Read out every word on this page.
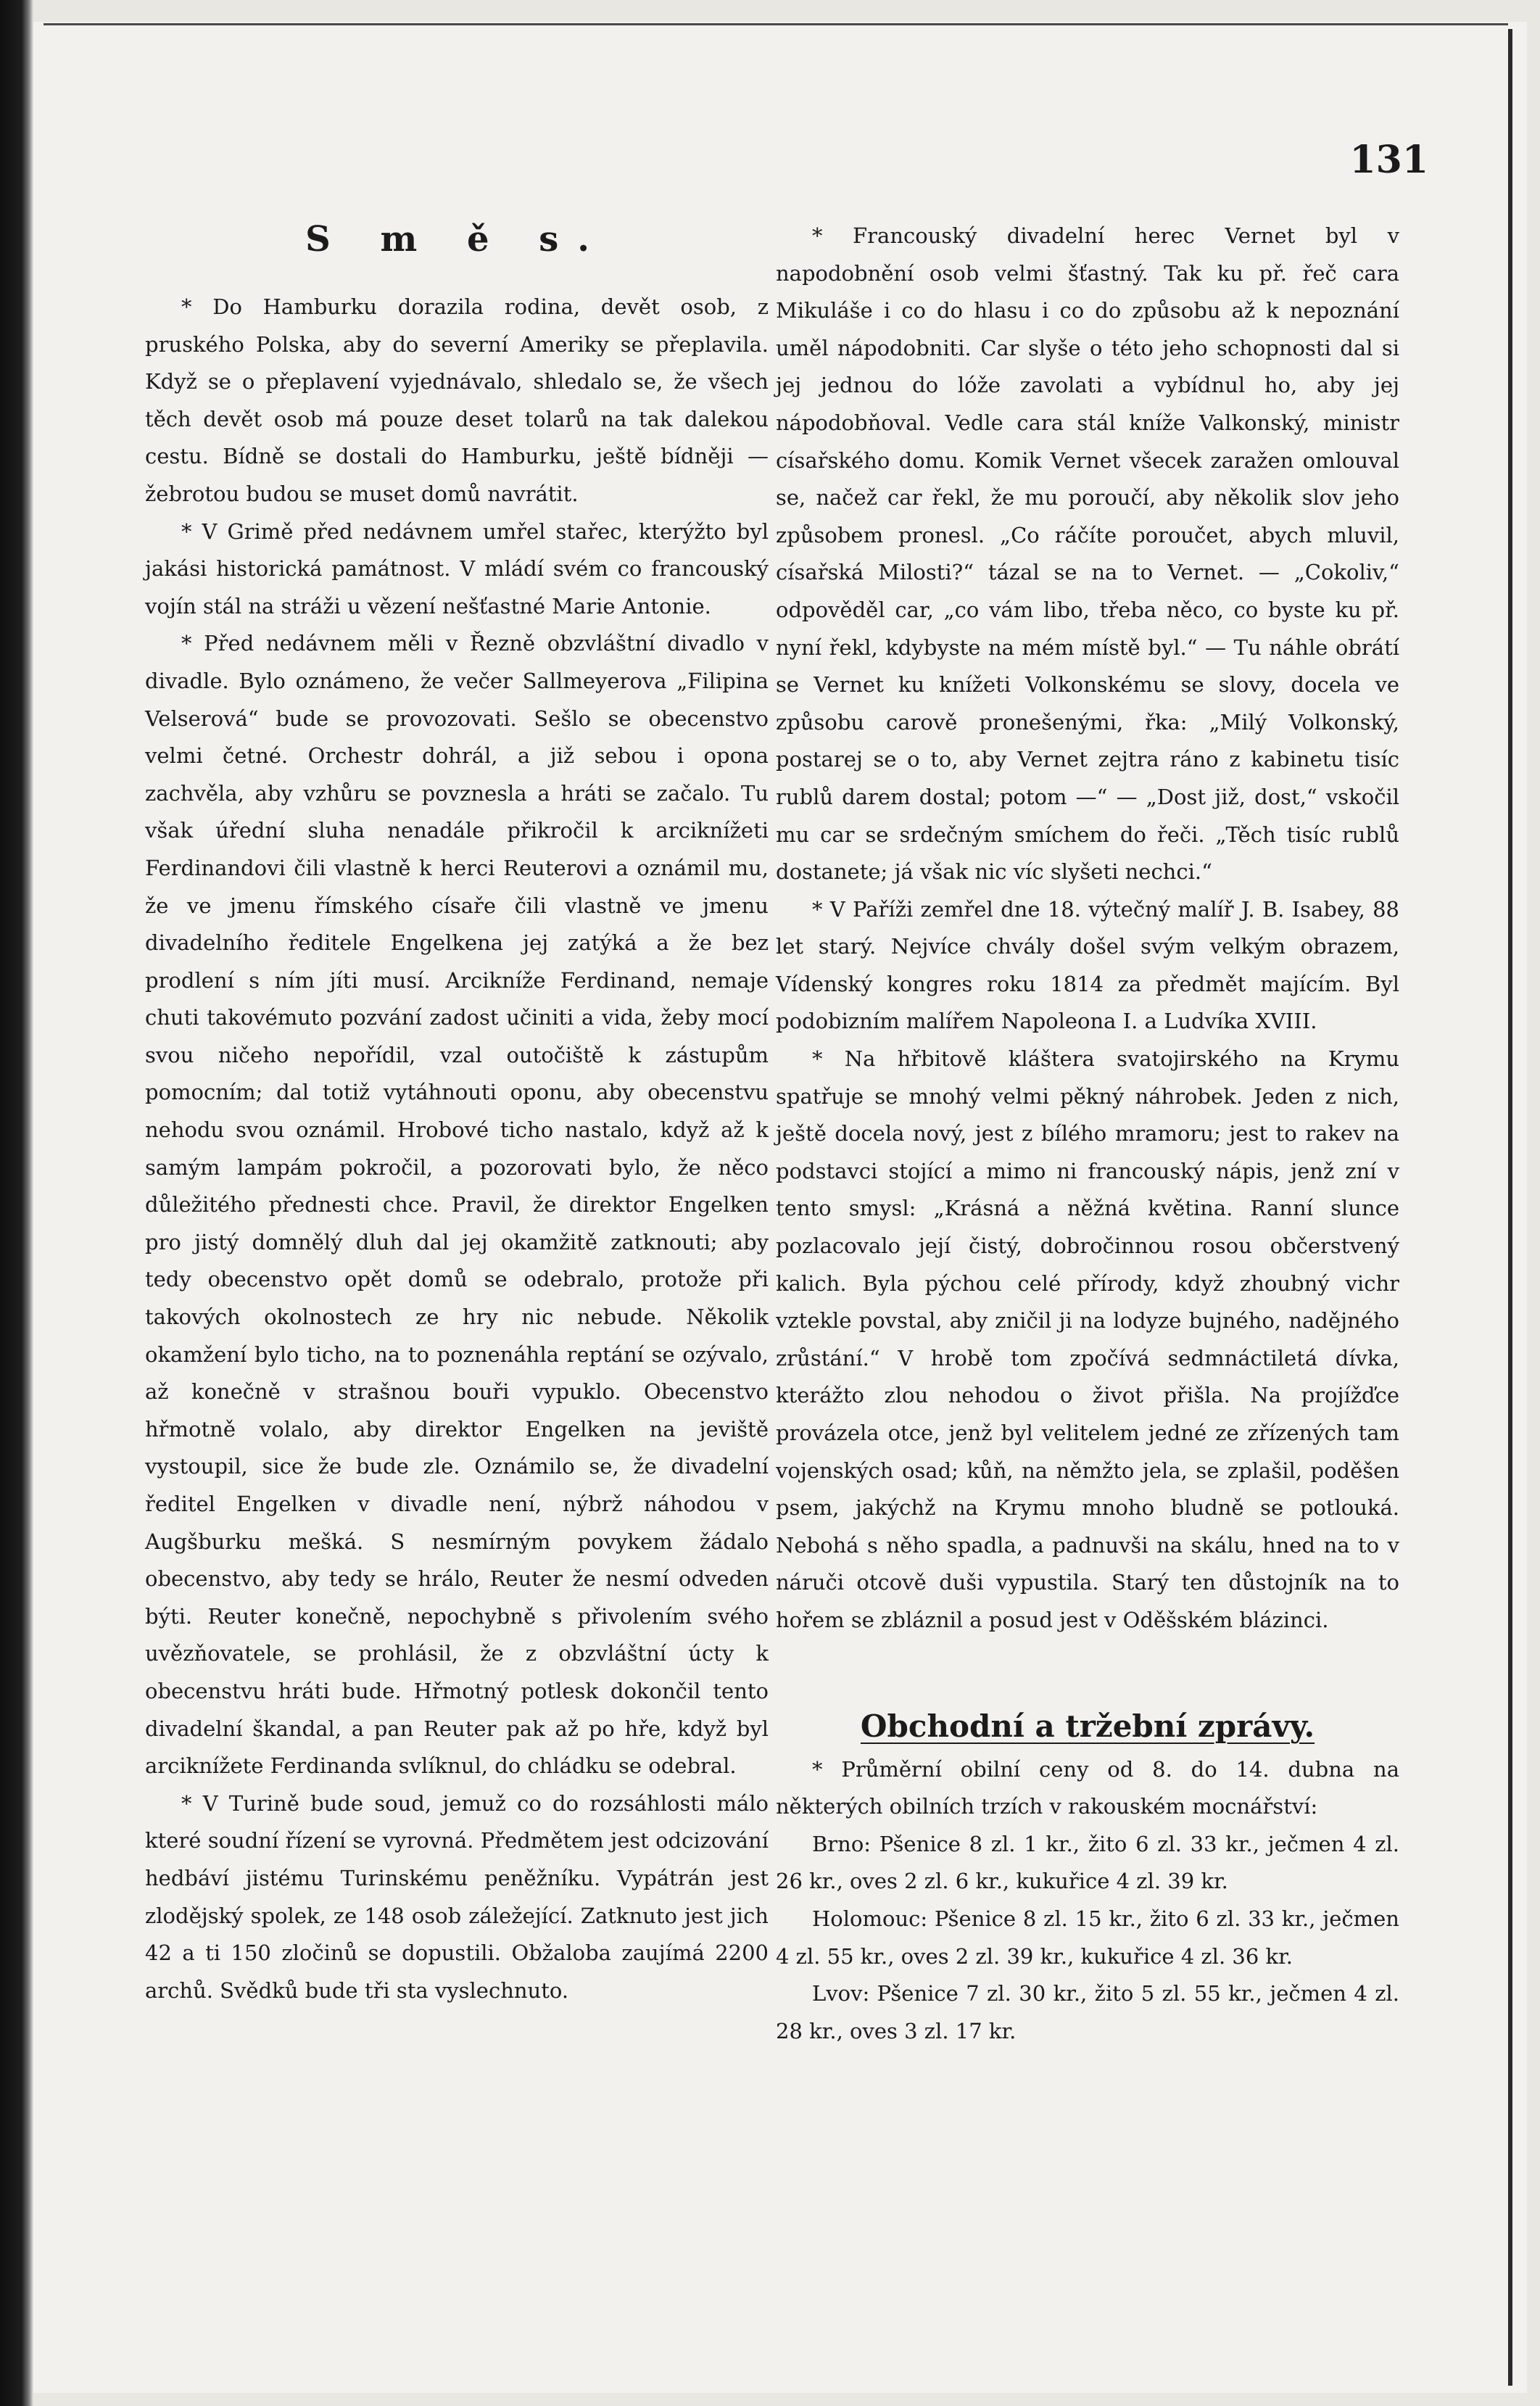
131
S m ě s.

* Do Hamburku dorazila rodina, devět osob, z pruského Polska, aby do severní Ameriky se přeplavila. Když se o přeplavení vyjednávalo, shledalo se, že všech těch devět osob má pouze deset tolarů na tak dalekou cestu. Bídně se dostali do Hamburku, ještě bídněji — žebrotou budou se muset domů navrátit.

* V Grimě před nedávnem umřel stařec, kterýžto byl jakási historická památnost. V mládí svém co francouský vojín stál na stráži u vězení nešťastné Marie Antonie.

* Před nedávnem měli v Řezně obzvláštní divadlo v divadle. Bylo oznámeno, že večer Sallmeyerova „Filipina Velserová“ bude se provozovati. Sešlo se obecenstvo velmi četné. Orchestr dohrál, a již sebou i opona zachvěla, aby vzhůru se povznesla a hráti se začalo. Tu však úřední sluha nenadále přikročil k arciknížeti Ferdinandovi čili vlastně k herci Reuterovi a oznámil mu, že ve jmenu římského císaře čili vlastně ve jmenu divadelního ředitele Engelkena jej zatýká a že bez prodlení s ním jíti musí. Arcikníže Ferdinand, nemaje chuti takovémuto pozvání zadost učiniti a vida, žeby mocí svou ničeho nepořídil, vzal outočiště k zástupům pomocním; dal totiž vytáhnouti oponu, aby obecenstvu nehodu svou oznámil. Hrobové ticho nastalo, když až k samým lampám pokročil, a pozorovati bylo, že něco důležitého přednesti chce. Pravil, že direktor Engelken pro jistý domnělý dluh dal jej okamžitě zatknouti; aby tedy obecenstvo opět domů se odebralo, protože při takových okolnostech ze hry nic nebude. Několik okamžení bylo ticho, na to poznenáhla reptání se ozývalo, až konečně v strašnou bouři vypuklo. Obecenstvo hřmotně volalo, aby direktor Engelken na jeviště vystoupil, sice že bude zle. Oznámilo se, že divadelní ředitel Engelken v divadle není, nýbrž náhodou v Augšburku mešká. S nesmírným povykem žádalo obecenstvo, aby tedy se hrálo, Reuter že nesmí odveden býti. Reuter konečně, nepochybně s přivolením svého uvězňovatele, se prohlásil, že z obzvláštní úcty k obecenstvu hráti bude. Hřmotný potlesk dokončil tento divadelní škandal, a pan Reuter pak až po hře, když byl arciknížete Ferdinanda svlíknul, do chládku se odebral.

* V Turině bude soud, jemuž co do rozsáhlosti málo které soudní řízení se vyrovná. Předmětem jest odcizování hedbáví jistému Turinskému peněžníku. Vypátrán jest zlodějský spolek, ze 148 osob záležející. Zatknuto jest jich 42 a ti 150 zločinů se dopustili. Obžaloba zaujímá 2200 archů. Svědků bude tři sta vyslechnuto.

* Francouský divadelní herec Vernet byl v napodobnění osob velmi šťastný. Tak ku př. řeč cara Mikuláše i co do hlasu i co do způsobu až k nepoznání uměl nápodobniti. Car slyše o této jeho schopnosti dal si jej jednou do lóže zavolati a vybídnul ho, aby jej nápodobňoval. Vedle cara stál kníže Valkonský, ministr císařského domu. Komik Vernet všecek zaražen omlouval se, načež car řekl, že mu poroučí, aby několik slov jeho způsobem pronesl. „Co ráčíte poroučet, abych mluvil, císařská Milosti?“ tázal se na to Vernet. — „Cokoliv,“ odpověděl car, „co vám libo, třeba něco, co byste ku př. nyní řekl, kdybyste na mém místě byl.“ — Tu náhle obrátí se Vernet ku knížeti Volkonskému se slovy, docela ve způsobu carově pronešenými, řka: „Milý Volkonský, postarej se o to, aby Vernet zejtra ráno z kabinetu tisíc rublů darem dostal; potom —“ — „Dost již, dost,“ vskočil mu car se srdečným smíchem do řeči. „Těch tisíc rublů dostanete; já však nic víc slyšeti nechci.“

* V Paříži zemřel dne 18. výtečný malíř J. B. Isabey, 88 let starý. Nejvíce chvály došel svým velkým obrazem, Vídenský kongres roku 1814 za předmět majícím. Byl podobizním malířem Napoleona I. a Ludvíka XVIII.

* Na hřbitově kláštera svatojirského na Krymu spatřuje se mnohý velmi pěkný náhrobek. Jeden z nich, ještě docela nový, jest z bílého mramoru; jest to rakev na podstavci stojící a mimo ni francouský nápis, jenž zní v tento smysl: „Krásná a něžná květina. Ranní slunce pozlacovalo její čistý, dobročinnou rosou občerstvený kalich. Byla pýchou celé přírody, když zhoubný vichr vztekle povstal, aby zničil ji na lodyze bujného, nadějného zrůstání.“ V hrobě tom zpočívá sedmnáctiletá dívka, kterážto zlou nehodou o život přišla. Na projížďce provázela otce, jenž byl velitelem jedné ze zřízených tam vojenských osad; kůň, na němžto jela, se zplašil, poděšen psem, jakýchž na Krymu mnoho bludně se potlouká. Nebohá s něho spadla, a padnuvši na skálu, hned na to v náruči otcově duši vypustila. Starý ten důstojník na to hořem se zbláznil a posud jest v Oděšském blázinci.

Obchodní a tržební zprávy.

* Průměrní obilní ceny od 8. do 14. dubna na některých obilních trzích v rakouském mocnářství:

Brno: Pšenice 8 zl. 1 kr., žito 6 zl. 33 kr., ječmen 4 zl. 26 kr., oves 2 zl. 6 kr., kukuřice 4 zl. 39 kr.

Holomouc: Pšenice 8 zl. 15 kr., žito 6 zl. 33 kr., ječmen 4 zl. 55 kr., oves 2 zl. 39 kr., kukuřice 4 zl. 36 kr.

Lvov: Pšenice 7 zl. 30 kr., žito 5 zl. 55 kr., ječmen 4 zl. 28 kr., oves 3 zl. 17 kr.
